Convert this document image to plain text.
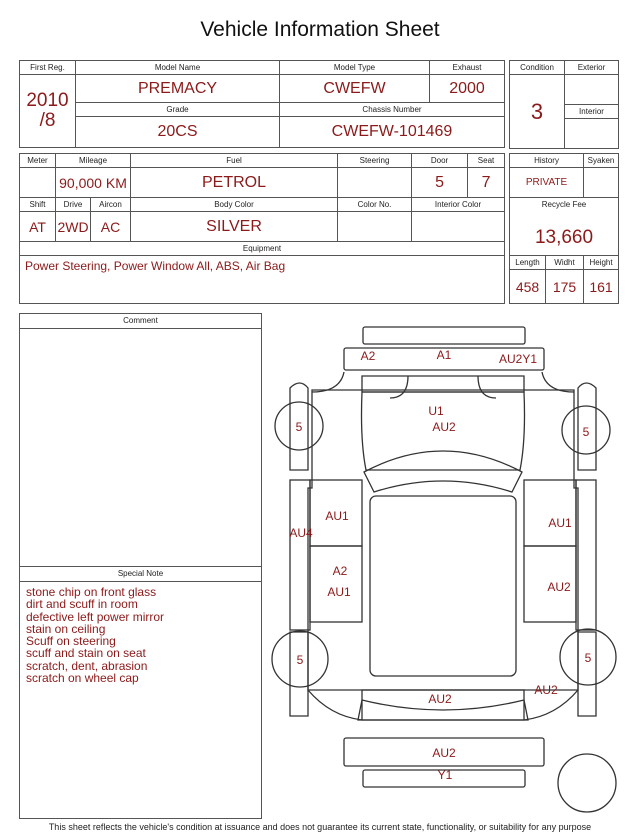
Vehicle Information Sheet
First Reg.	Model Name	Model Type	Exhaust

2010
/8	PREMACY	CWEFW	2000
	Grade	Chassis Number	
	20CS	CWEFW-101469	
Condition	Exterior
3	
	Interior

Meter	Mileage		Fuel	Steering	Door	Seat
	90,000 KM		PETROL		5	7
Shift	Drive	Aircon	Body Color	Color No.	Interior Color	
AT	2WD	AC	SILVER			
Equipment						
Power Steering, Power Window All, ABS, Air Bag						
History		Syaken
PRIVATE		
Recycle Fee		
13,660		
Length	Widht	Height
458	175	161
Comment
Special Note
stone chip on front glass
dirt and scuff in room
defective left power mirror
stain on ceiling
Scuff on steering
scuff and stain on seat
scratch, dent, abrasion
scratch on wheel cap
A2	A1	AU2Y1
U1
AU2
5	5
5	5
AU1
AU4
A2
AU1
AU1
AU2
AU2
AU2
AU2
Y1
This sheet reflects the vehicle's condition at issuance and does not guarantee its current state, functionality, or suitability for any purpose
